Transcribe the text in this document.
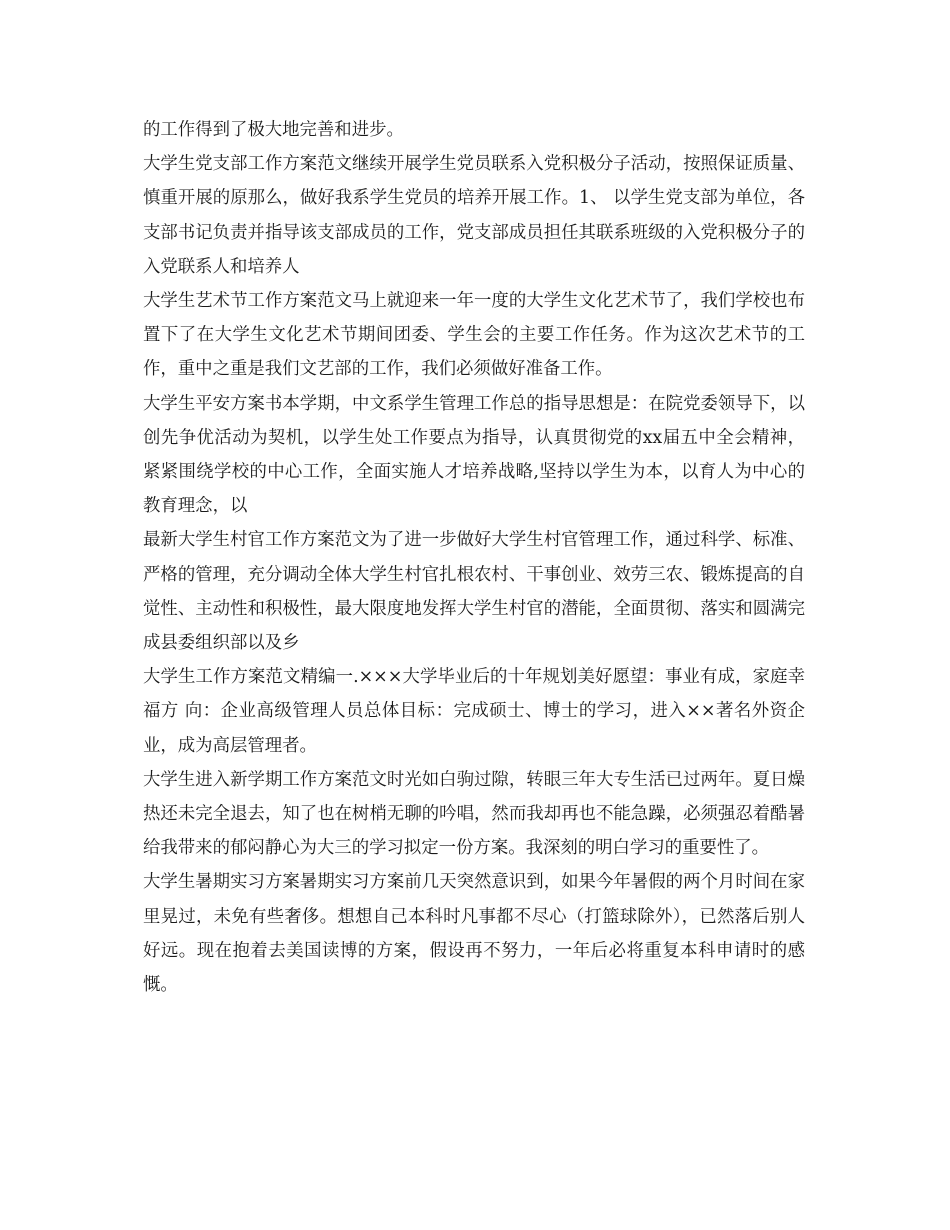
的工作得到了极大地完善和进步。

大学生党支部工作方案范文继续开展学生党员联系入党积极分子活动，按照保证质量、慎重开展的原那么，做好我系学生党员的培养开展工作。1、 以学生党支部为单位，各支部书记负责并指导该支部成员的工作，党支部成员担任其联系班级的入党积极分子的入党联系人和培养人

大学生艺术节工作方案范文马上就迎来一年一度的大学生文化艺术节了，我们学校也布置下了在大学生文化艺术节期间团委、学生会的主要工作任务。作为这次艺术节的工作，重中之重是我们文艺部的工作，我们必须做好准备工作。

大学生平安方案书本学期，中文系学生管理工作总的指导思想是：在院党委领导下，以创先争优活动为契机，以学生处工作要点为指导，认真贯彻党的xx届五中全会精神，紧紧围绕学校的中心工作，全面实施人才培养战略,坚持以学生为本，以育人为中心的教育理念，以

最新大学生村官工作方案范文为了进一步做好大学生村官管理工作，通过科学、标准、严格的管理，充分调动全体大学生村官扎根农村、干事创业、效劳三农、锻炼提高的自觉性、主动性和积极性，最大限度地发挥大学生村官的潜能，全面贯彻、落实和圆满完成县委组织部以及乡

大学生工作方案范文精编一.×××大学毕业后的十年规划美好愿望：事业有成，家庭幸福方 向：企业高级管理人员总体目标：完成硕士、博士的学习，进入××著名外资企业，成为高层管理者。

大学生进入新学期工作方案范文时光如白驹过隙，转眼三年大专生活已过两年。夏日燥热还未完全退去，知了也在树梢无聊的吟唱，然而我却再也不能急躁，必须强忍着酷暑给我带来的郁闷静心为大三的学习拟定一份方案。我深刻的明白学习的重要性了。

大学生暑期实习方案暑期实习方案前几天突然意识到，如果今年暑假的两个月时间在家里晃过，未免有些奢侈。想想自己本科时凡事都不尽心（打篮球除外），已然落后别人好远。现在抱着去美国读博的方案，假设再不努力，一年后必将重复本科申请时的感慨。
